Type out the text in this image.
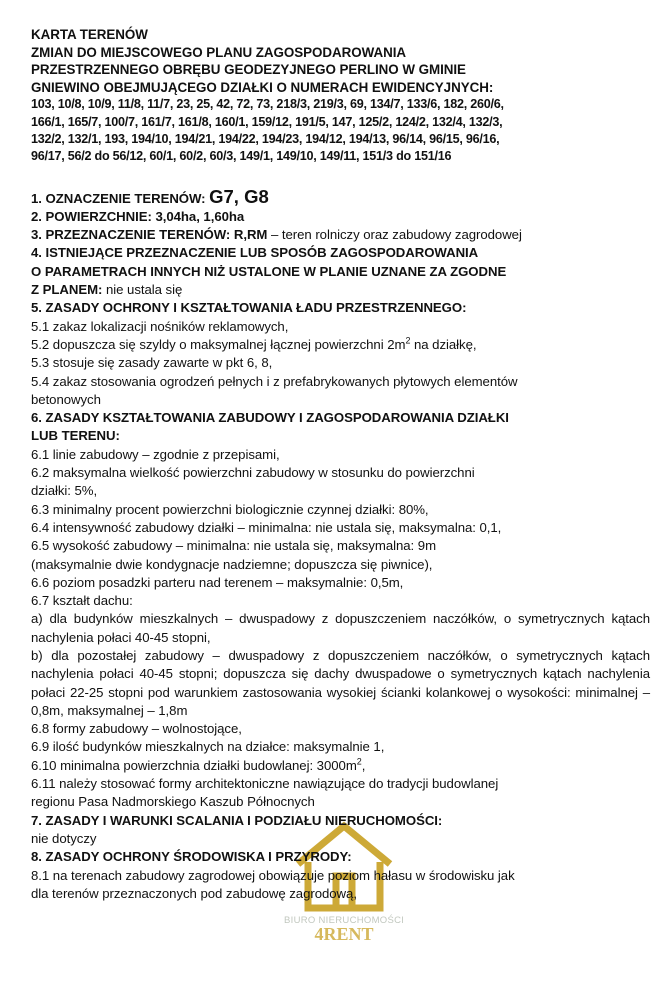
BIURO NIERUCHOMOŚCI
4RENT

KARTA TERENÓW

ZMIAN DO MIEJSCOWEGO PLANU ZAGOSPODAROWANIA

PRZESTRZENNEGO OBRĘBU GEODEZYJNEGO PERLINO W GMINIE

GNIEWINO OBEJMUJĄCEGO DZIAŁKI O NUMERACH EWIDENCYJNYCH:

103, 10/8, 10/9, 11/8, 11/7, 23, 25, 42, 72, 73, 218/3, 219/3, 69, 134/7, 133/6, 182, 260/6,

166/1, 165/7, 100/7, 161/7, 161/8, 160/1, 159/12, 191/5, 147, 125/2, 124/2, 132/4, 132/3,

132/2, 132/1, 193, 194/10, 194/21, 194/22, 194/23, 194/12, 194/13, 96/14, 96/15, 96/16,

96/17, 56/2 do 56/12, 60/1, 60/2, 60/3, 149/1, 149/10, 149/11, 151/3 do 151/16

1. OZNACZENIE TERENÓW: G7, G8

2. POWIERZCHNIE: 3,04ha, 1,60ha

3. PRZEZNACZENIE TERENÓW: R,RM – teren rolniczy oraz zabudowy zagrodowej

4. ISTNIEJĄCE PRZEZNACZENIE LUB SPOSÓB ZAGOSPODAROWANIA

O PARAMETRACH INNYCH NIŻ USTALONE W PLANIE UZNANE ZA ZGODNE

Z PLANEM: nie ustala się

5. ZASADY OCHRONY I KSZTAŁTOWANIA ŁADU PRZESTRZENNEGO:

5.1 zakaz lokalizacji nośników reklamowych,

5.2 dopuszcza się szyldy o maksymalnej łącznej powierzchni $2m^2$ na działkę,

5.3 stosuje się zasady zawarte w pkt 6, 8,

5.4 zakaz stosowania ogrodzeń pełnych i z prefabrykowanych płytowych elementów

betonowych

6. ZASADY KSZTAŁTOWANIA ZABUDOWY I ZAGOSPODAROWANIA DZIAŁKI

LUB TERENU:

6.1 linie zabudowy – zgodnie z przepisami,

6.2 maksymalna wielkość powierzchni zabudowy w stosunku do powierzchni

działki: 5%,

6.3 minimalny procent powierzchni biologicznie czynnej działki: 80%,

6.4 intensywność zabudowy działki – minimalna: nie ustala się, maksymalna: 0,1,

6.5 wysokość zabudowy – minimalna: nie ustala się, maksymalna: 9m

(maksymalnie dwie kondygnacje nadziemne; dopuszcza się piwnice),

6.6 poziom posadzki parteru nad terenem – maksymalnie: 0,5m,

6.7 kształt dachu:

a) dla budynków mieszkalnych – dwuspadowy z dopuszczeniem naczółków, o symetrycznych kątach nachylenia połaci 40-45 stopni,

b) dla pozostałej zabudowy – dwuspadowy z dopuszczeniem naczółków, o symetrycznych kątach nachylenia połaci 40-45 stopni; dopuszcza się dachy dwuspadowe o symetrycznych kątach nachylenia połaci 22-25 stopni pod warunkiem zastosowania wysokiej ścianki kolankowej o wysokości: minimalnej – 0,8m, maksymalnej – 1,8m

6.8 formy zabudowy – wolnostojące,

6.9 ilość budynków mieszkalnych na działce: maksymalnie 1,

6.10 minimalna powierzchnia działki budowlanej: $3000m^2$,

6.11 należy stosować formy architektoniczne nawiązujące do tradycji budowlanej

regionu Pasa Nadmorskiego Kaszub Północnych

7. ZASADY I WARUNKI SCALANIA I PODZIAŁU NIERUCHOMOŚCI:

nie dotyczy

8. ZASADY OCHRONY ŚRODOWISKA I PRZYRODY:

8.1 na terenach zabudowy zagrodowej obowiązuje poziom hałasu w środowisku jak

dla terenów przeznaczonych pod zabudowę zagrodową,
